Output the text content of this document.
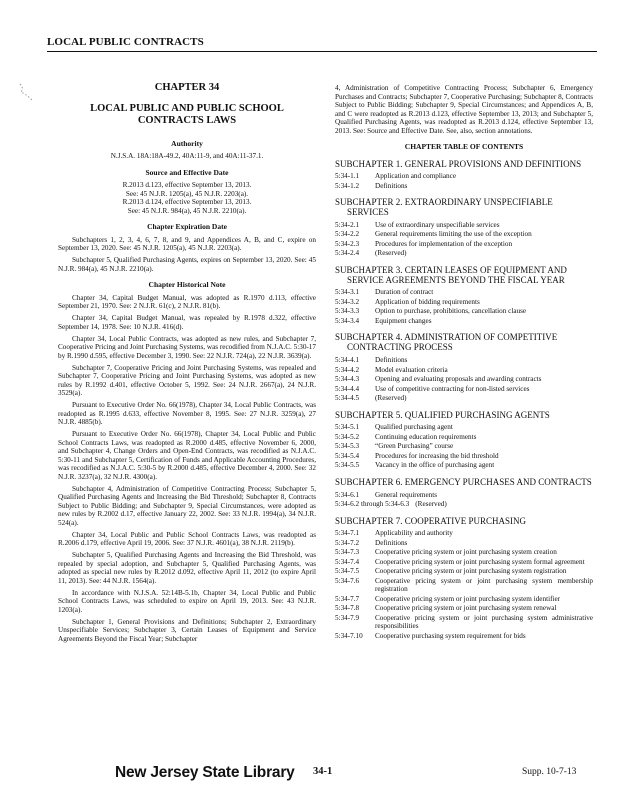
LOCAL PUBLIC CONTRACTS
CHAPTER 34
LOCAL PUBLIC AND PUBLIC SCHOOL CONTRACTS LAWS
Authority
N.J.S.A. 18A:18A-49.2, 40A:11-9, and 40A:11-37.1.
Source and Effective Date
R.2013 d.123, effective September 13, 2013.
See: 45 N.J.R. 1205(a), 45 N.J.R. 2203(a).
R.2013 d.124, effective September 13, 2013.
See: 45 N.J.R. 984(a), 45 N.J.R. 2210(a).
Chapter Expiration Date

Subchapters 1, 2, 3, 4, 6, 7, 8, and 9, and Appendices A, B, and C, expire on September 13, 2020. See: 45 N.J.R. 1205(a), 45 N.J.R. 2203(a).

Subchapter 5, Qualified Purchasing Agents, expires on September 13, 2020. See: 45 N.J.R. 984(a), 45 N.J.R. 2210(a).

Chapter Historical Note

Chapter 34, Capital Budget Manual, was adopted as R.1970 d.113, effective September 21, 1970. See: 2 N.J.R. 61(c), 2 N.J.R. 81(b).

Chapter 34, Capital Budget Manual, was repealed by R.1978 d.322, effective September 14, 1978. See: 10 N.J.R. 416(d).

Chapter 34, Local Public Contracts, was adopted as new rules, and Subchapter 7, Cooperative Pricing and Joint Purchasing Systems, was recodified from N.J.A.C. 5:30-17 by R.1990 d.595, effective December 3, 1990. See: 22 N.J.R. 724(a), 22 N.J.R. 3639(a).

Subchapter 7, Cooperative Pricing and Joint Purchasing Systems, was repealed and Subchapter 7, Cooperative Pricing and Joint Purchasing Systems, was adopted as new rules by R.1992 d.401, effective October 5, 1992. See: 24 N.J.R. 2667(a), 24 N.J.R. 3529(a).

Pursuant to Executive Order No. 66(1978), Chapter 34, Local Public Contracts, was readopted as R.1995 d.633, effective November 8, 1995. See: 27 N.J.R. 3259(a), 27 N.J.R. 4885(b).

Pursuant to Executive Order No. 66(1978), Chapter 34, Local Public and Public School Contracts Laws, was readopted as R.2000 d.485, effective November 6, 2000, and Subchapter 4, Change Orders and Open-End Contracts, was recodified as N.J.A.C. 5:30-11 and Subchapter 5, Certification of Funds and Applicable Accounting Procedures, was recodified as N.J.A.C. 5:30-5 by R.2000 d.485, effective December 4, 2000. See: 32 N.J.R. 3237(a), 32 N.J.R. 4300(a).

Subchapter 4, Administration of Competitive Contracting Process; Subchapter 5, Qualified Purchasing Agents and Increasing the Bid Threshold; Subchapter 8, Contracts Subject to Public Bidding; and Subchapter 9, Special Circumstances, were adopted as new rules by R.2002 d.17, effective January 22, 2002. See: 33 N.J.R. 1994(a), 34 N.J.R. 524(a).

Chapter 34, Local Public and Public School Contracts Laws, was readopted as R.2006 d.179, effective April 19, 2006. See: 37 N.J.R. 4601(a), 38 N.J.R. 2119(b).

Subchapter 5, Qualified Purchasing Agents and Increasing the Bid Threshold, was repealed by special adoption, and Subchapter 5, Qualified Purchasing Agents, was adopted as special new rules by R.2012 d.092, effective April 11, 2012 (to expire April 11, 2013). See: 44 N.J.R. 1564(a).

In accordance with N.J.S.A. 52:14B-5.1b, Chapter 34, Local Public and Public School Contracts Laws, was scheduled to expire on April 19, 2013. See: 43 N.J.R. 1203(a).

Subchapter 1, General Provisions and Definitions; Subchapter 2, Extraordinary Unspecifiable Services; Subchapter 3, Certain Leases of Equipment and Service Agreements Beyond the Fiscal Year; Subchapter

4, Administration of Competitive Contracting Process; Subchapter 6, Emergency Purchases and Contracts; Subchapter 7, Cooperative Purchasing; Subchapter 8, Contracts Subject to Public Bidding; Subchapter 9, Special Circumstances; and Appendices A, B, and C were readopted as R.2013 d.123, effective September 13, 2013; and Subchapter 5, Qualified Purchasing Agents, was readopted as R.2013 d.124, effective September 13, 2013. See: Source and Effective Date. See, also, section annotations.

CHAPTER TABLE OF CONTENTS
SUBCHAPTER 1. GENERAL PROVISIONS AND DEFINITIONS
5:34-1.1	Application and compliance
5:34-1.2	Definitions
SUBCHAPTER 2. EXTRAORDINARY UNSPECIFIABLE SERVICES
5:34-2.1	Use of extraordinary unspecifiable services
5:34-2.2	General requirements limiting the use of the exception
5:34-2.3	Procedures for implementation of the exception
5:34-2.4	(Reserved)
SUBCHAPTER 3. CERTAIN LEASES OF EQUIPMENT AND SERVICE AGREEMENTS BEYOND THE FISCAL YEAR
5:34-3.1	Duration of contract
5:34-3.2	Application of bidding requirements
5:34-3.3	Option to purchase, prohibitions, cancellation clause
5:34-3.4	Equipment changes
SUBCHAPTER 4. ADMINISTRATION OF COMPETITIVE CONTRACTING PROCESS
5:34-4.1	Definitions
5:34-4.2	Model evaluation criteria
5:34-4.3	Opening and evaluating proposals and awarding contracts
5:34-4.4	Use of competitive contracting for non-listed services
5:34-4.5	(Reserved)
SUBCHAPTER 5. QUALIFIED PURCHASING AGENTS
5:34-5.1	Qualified purchasing agent
5:34-5.2	Continuing education requirements
5:34-5.3	“Green Purchasing” course
5:34-5.4	Procedures for increasing the bid threshold
5:34-5.5	Vacancy in the office of purchasing agent
SUBCHAPTER 6. EMERGENCY PURCHASES AND CONTRACTS
5:34-6.1	General requirements
5:34-6.2 through 5:34-6.3 (Reserved)
SUBCHAPTER 7. COOPERATIVE PURCHASING
5:34-7.1	Applicability and authority
5:34-7.2	Definitions
5:34-7.3	Cooperative pricing system or joint purchasing system creation
5:34-7.4	Cooperative pricing system or joint purchasing system formal agreement
5:34-7.5	Cooperative pricing system or joint purchasing system registration
5:34-7.6	Cooperative pricing system or joint purchasing system membership registration
5:34-7.7	Cooperative pricing system or joint purchasing system identifier
5:34-7.8	Cooperative pricing system or joint purchasing system renewal
5:34-7.9	Cooperative pricing system or joint purchasing system administrative responsibilities
5:34-7.10	Cooperative purchasing system requirement for bids
New Jersey State Library 34-1	Supp. 10-7-13
